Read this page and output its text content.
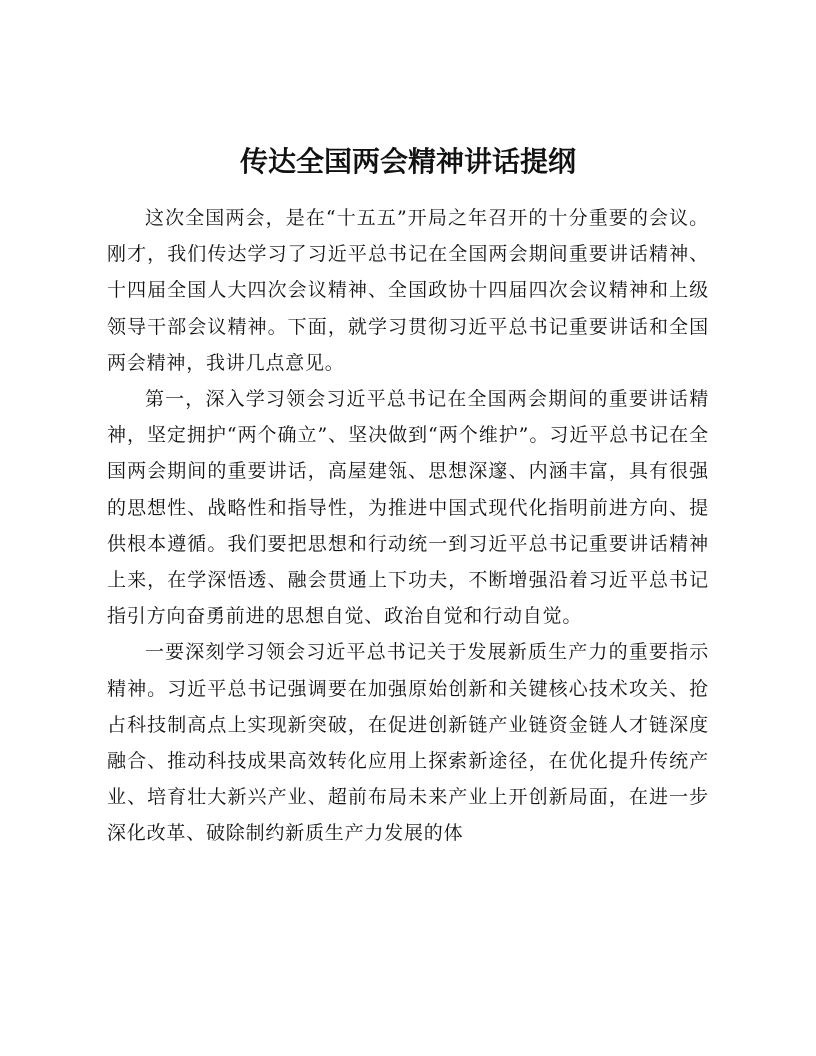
传达全国两会精神讲话提纲

这次全国两会，是在“十五五”开局之年召开的十分重要的会议。刚才，我们传达学习了习近平总书记在全国两会期间重要讲话精神、十四届全国人大四次会议精神、全国政协十四届四次会议精神和上级领导干部会议精神。下面，就学习贯彻习近平总书记重要讲话和全国两会精神，我讲几点意见。

第一，深入学习领会习近平总书记在全国两会期间的重要讲话精神，坚定拥护“两个确立”、坚决做到“两个维护”。习近平总书记在全国两会期间的重要讲话，高屋建瓴、思想深邃、内涵丰富，具有很强的思想性、战略性和指导性，为推进中国式现代化指明前进方向、提供根本遵循。我们要把思想和行动统一到习近平总书记重要讲话精神上来，在学深悟透、融会贯通上下功夫，不断增强沿着习近平总书记指引方向奋勇前进的思想自觉、政治自觉和行动自觉。

一要深刻学习领会习近平总书记关于发展新质生产力的重要指示精神。习近平总书记强调要在加强原始创新和关键核心技术攻关、抢占科技制高点上实现新突破，在促进创新链产业链资金链人才链深度融合、推动科技成果高效转化应用上探索新途径，在优化提升传统产业、培育壮大新兴产业、超前布局未来产业上开创新局面，在进一步深化改革、破除制约新质生产力发展的体
